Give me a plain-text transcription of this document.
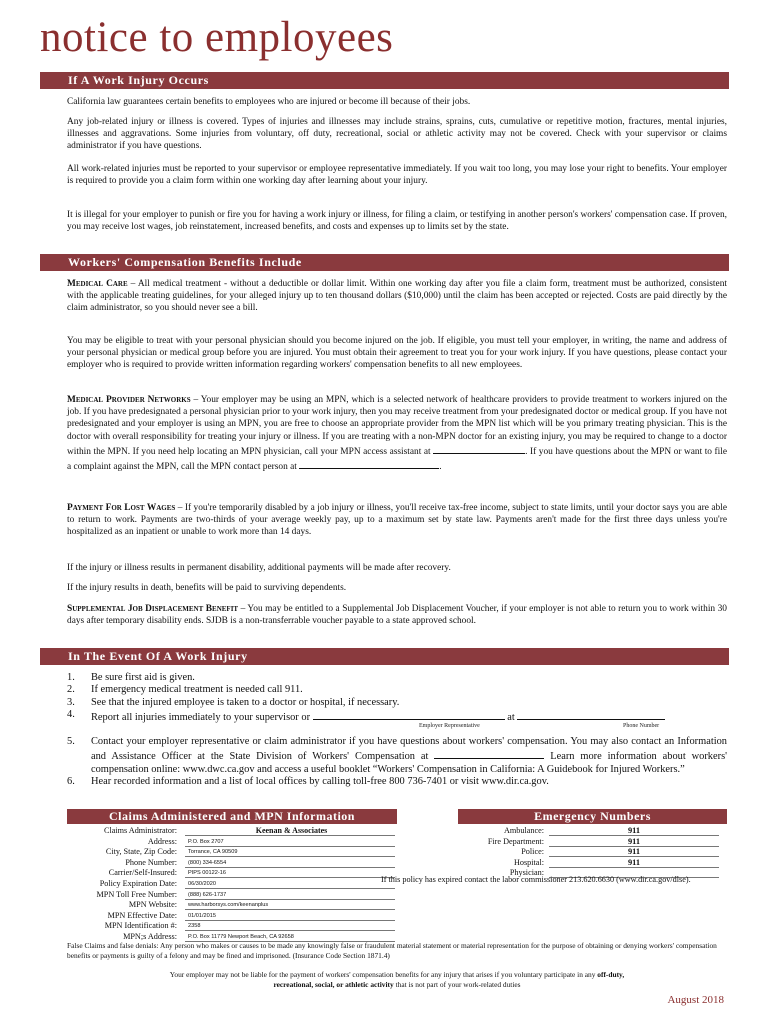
notice to employees
If A Work Injury Occurs

California law guarantees certain benefits to employees who are injured or become ill because of their jobs.

Any job-related injury or illness is covered. Types of injuries and illnesses may include strains, sprains, cuts, cumulative or repetitive motion, fractures, mental injuries, illnesses and aggravations. Some injuries from voluntary, off duty, recreational, social or athletic activity may not be covered. Check with your supervisor or claims administrator if you have questions.

All work-related injuries must be reported to your supervisor or employee representative immediately. If you wait too long, you may lose your right to benefits. Your employer is required to provide you a claim form within one working day after learning about your injury.

It is illegal for your employer to punish or fire you for having a work injury or illness, for filing a claim, or testifying in another person's workers' compensation case. If proven, you may receive lost wages, job reinstatement, increased benefits, and costs and expenses up to limits set by the state.

Workers' Compensation Benefits Include

Medical Care – All medical treatment - without a deductible or dollar limit. Within one working day after you file a claim form, treatment must be authorized, consistent with the applicable treating guidelines, for your alleged injury up to ten thousand dollars ($10,000) until the claim has been accepted or rejected. Costs are paid directly by the claim administrator, so you should never see a bill.

You may be eligible to treat with your personal physician should you become injured on the job. If eligible, you must tell your employer, in writing, the name and address of your personal physician or medical group before you are injured. You must obtain their agreement to treat you for your work injury. If you have questions, please contact your employer who is required to provide written information regarding workers' compensation benefits to all new employees.

Medical Provider Networks – Your employer may be using an MPN, which is a selected network of healthcare providers to provide treatment to workers injured on the job. If you have predesignated a personal physician prior to your work injury, then you may receive treatment from your predesignated doctor or medical group. If you have not predesignated and your employer is using an MPN, you are free to choose an appropriate provider from the MPN list which will be you primary treating physician. This is the doctor with overall responsibility for treating your injury or illness. If you are treating with a non-MPN doctor for an existing injury, you may be required to change to a doctor within the MPN. If you need help locating an MPN physician, call your MPN access assistant at	. If you have questions about the MPN or want to file a complaint against the MPN, call the MPN contact person at	.

Payment For Lost Wages – If you're temporarily disabled by a job injury or illness, you'll receive tax-free income, subject to state limits, until your doctor says you are able to return to work. Payments are two-thirds of your average weekly pay, up to a maximum set by state law. Payments aren't made for the first three days unless you're hospitalized as an inpatient or unable to work more than 14 days.

If the injury or illness results in permanent disability, additional payments will be made after recovery.

If the injury results in death, benefits will be paid to surviving dependents.

Supplemental Job Displacement Benefit – You may be entitled to a Supplemental Job Displacement Voucher, if your employer is not able to return you to work within 30 days after temporary disability ends. SJDB is a non-transferrable voucher payable to a state approved school.

In The Event Of A Work Injury
1. Be sure first aid is given.
2. If emergency medical treatment is needed call 911.
3. See that the injured employee is taken to a doctor or hospital, if necessary.
4. Report all injuries immediately to your supervisor or	at
Employer Representative	Phone Number
5. Contact your employer representative or claim administrator if you have questions about workers' compensation. You may also contact an Information and Assistance Officer at the State Division of Workers' Compensation at	Learn more information about workers' compensation online: www.dwc.ca.gov and access a useful booklet “Workers' Compensation in California: A Guidebook for Injured Workers.”
6. Hear recorded information and a list of local offices by calling toll-free 800 736-7401 or visit www.dir.ca.gov.
Claims Administered and MPN Information
Claims Administrator:	Keenan & Associates
Address:	P.O. Box 2707
City, State, Zip Code:	Torrance, CA 90509
Phone Number:	(800) 334-6554
Carrier/Self-Insured:	PIPS 00122-16
Policy Expiration Date:	06/30/2020
MPN Toll Free Number:	(888) 626-1737
MPN Website:	www.harborsys.com/keenanplus
MPN Effective Date:	01/01/2015
MPN Identification #:	2358
MPN;s Address:	P.O. Box 11779 Newport Beach, CA 92658
Emergency Numbers
Ambulance:	911
Fire Department:	911
Police:	911
Hospital:	911
Physician:

If this policy has expired contact the labor commissioner 213.620.6630 (www.dir.ca.gov/dlse).

False Claims and false denials: Any person who makes or causes to be made any knowingly false or fraudulent material statement or material representation for the purpose of obtaining or denying workers' compensation benefits or payments is guilty of a felony and may be fined and imprisoned. (Insurance Code Section 1871.4)

Your employer may not be liable for the payment of workers' compensation benefits for any injury that arises if you voluntary participate in any off-duty,
recreational, social, or athletic activity that is not part of your work-related duties

August 2018
